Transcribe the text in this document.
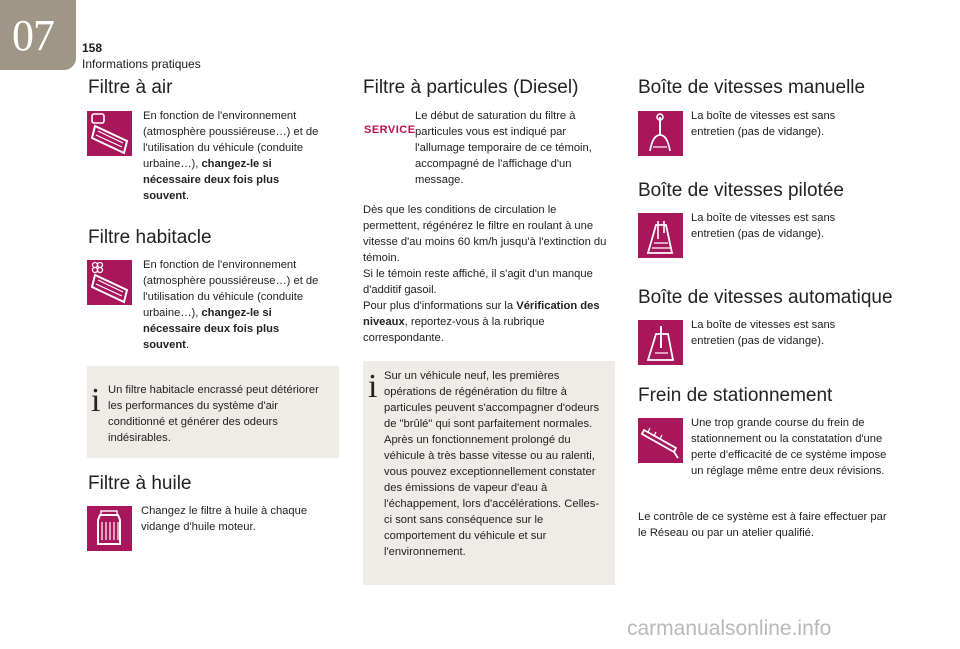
07 158
Informations pratiques
Filtre à air
En fonction de l'environnement (atmosphère poussiéreuse…) et de l'utilisation du véhicule (conduite urbaine…), changez-le si nécessaire deux fois plus souvent.
Filtre habitacle
En fonction de l'environnement (atmosphère poussiéreuse…) et de l'utilisation du véhicule (conduite urbaine…), changez-le si nécessaire deux fois plus souvent.
i Un filtre habitacle encrassé peut détériorer les performances du système d'air conditionné et générer des odeurs indésirables.
Filtre à huile
Changez le filtre à huile à chaque vidange d'huile moteur.
Filtre à particules (Diesel)
SERVICE
Le début de saturation du filtre à particules vous est indiqué par l'allumage temporaire de ce témoin, accompagné de l'affichage d'un message.
Dès que les conditions de circulation le permettent, régénérez le filtre en roulant à une vitesse d'au moins 60 km/h jusqu'à l'extinction du témoin.
Si le témoin reste affiché, il s'agit d'un manque d'additif gasoil.
Pour plus d'informations sur la Vérification des niveaux, reportez-vous à la rubrique correspondante.
i Sur un véhicule neuf, les premières opérations de régénération du filtre à particules peuvent s'accompagner d'odeurs de "brûlé" qui sont parfaitement normales. Après un fonctionnement prolongé du véhicule à très basse vitesse ou au ralenti, vous pouvez exceptionnellement constater des émissions de vapeur d'eau à l'échappement, lors d'accélérations. Celles-ci sont sans conséquence sur le comportement du véhicule et sur l'environnement.
Boîte de vitesses manuelle
La boîte de vitesses est sans entretien (pas de vidange).
Boîte de vitesses pilotée
La boîte de vitesses est sans entretien (pas de vidange).
Boîte de vitesses automatique
La boîte de vitesses est sans entretien (pas de vidange).
Frein de stationnement
Une trop grande course du frein de stationnement ou la constatation d'une perte d'efficacité de ce système impose un réglage même entre deux révisions.
Le contrôle de ce système est à faire effectuer par le Réseau ou par un atelier qualifié.
carmanualsonline.info
